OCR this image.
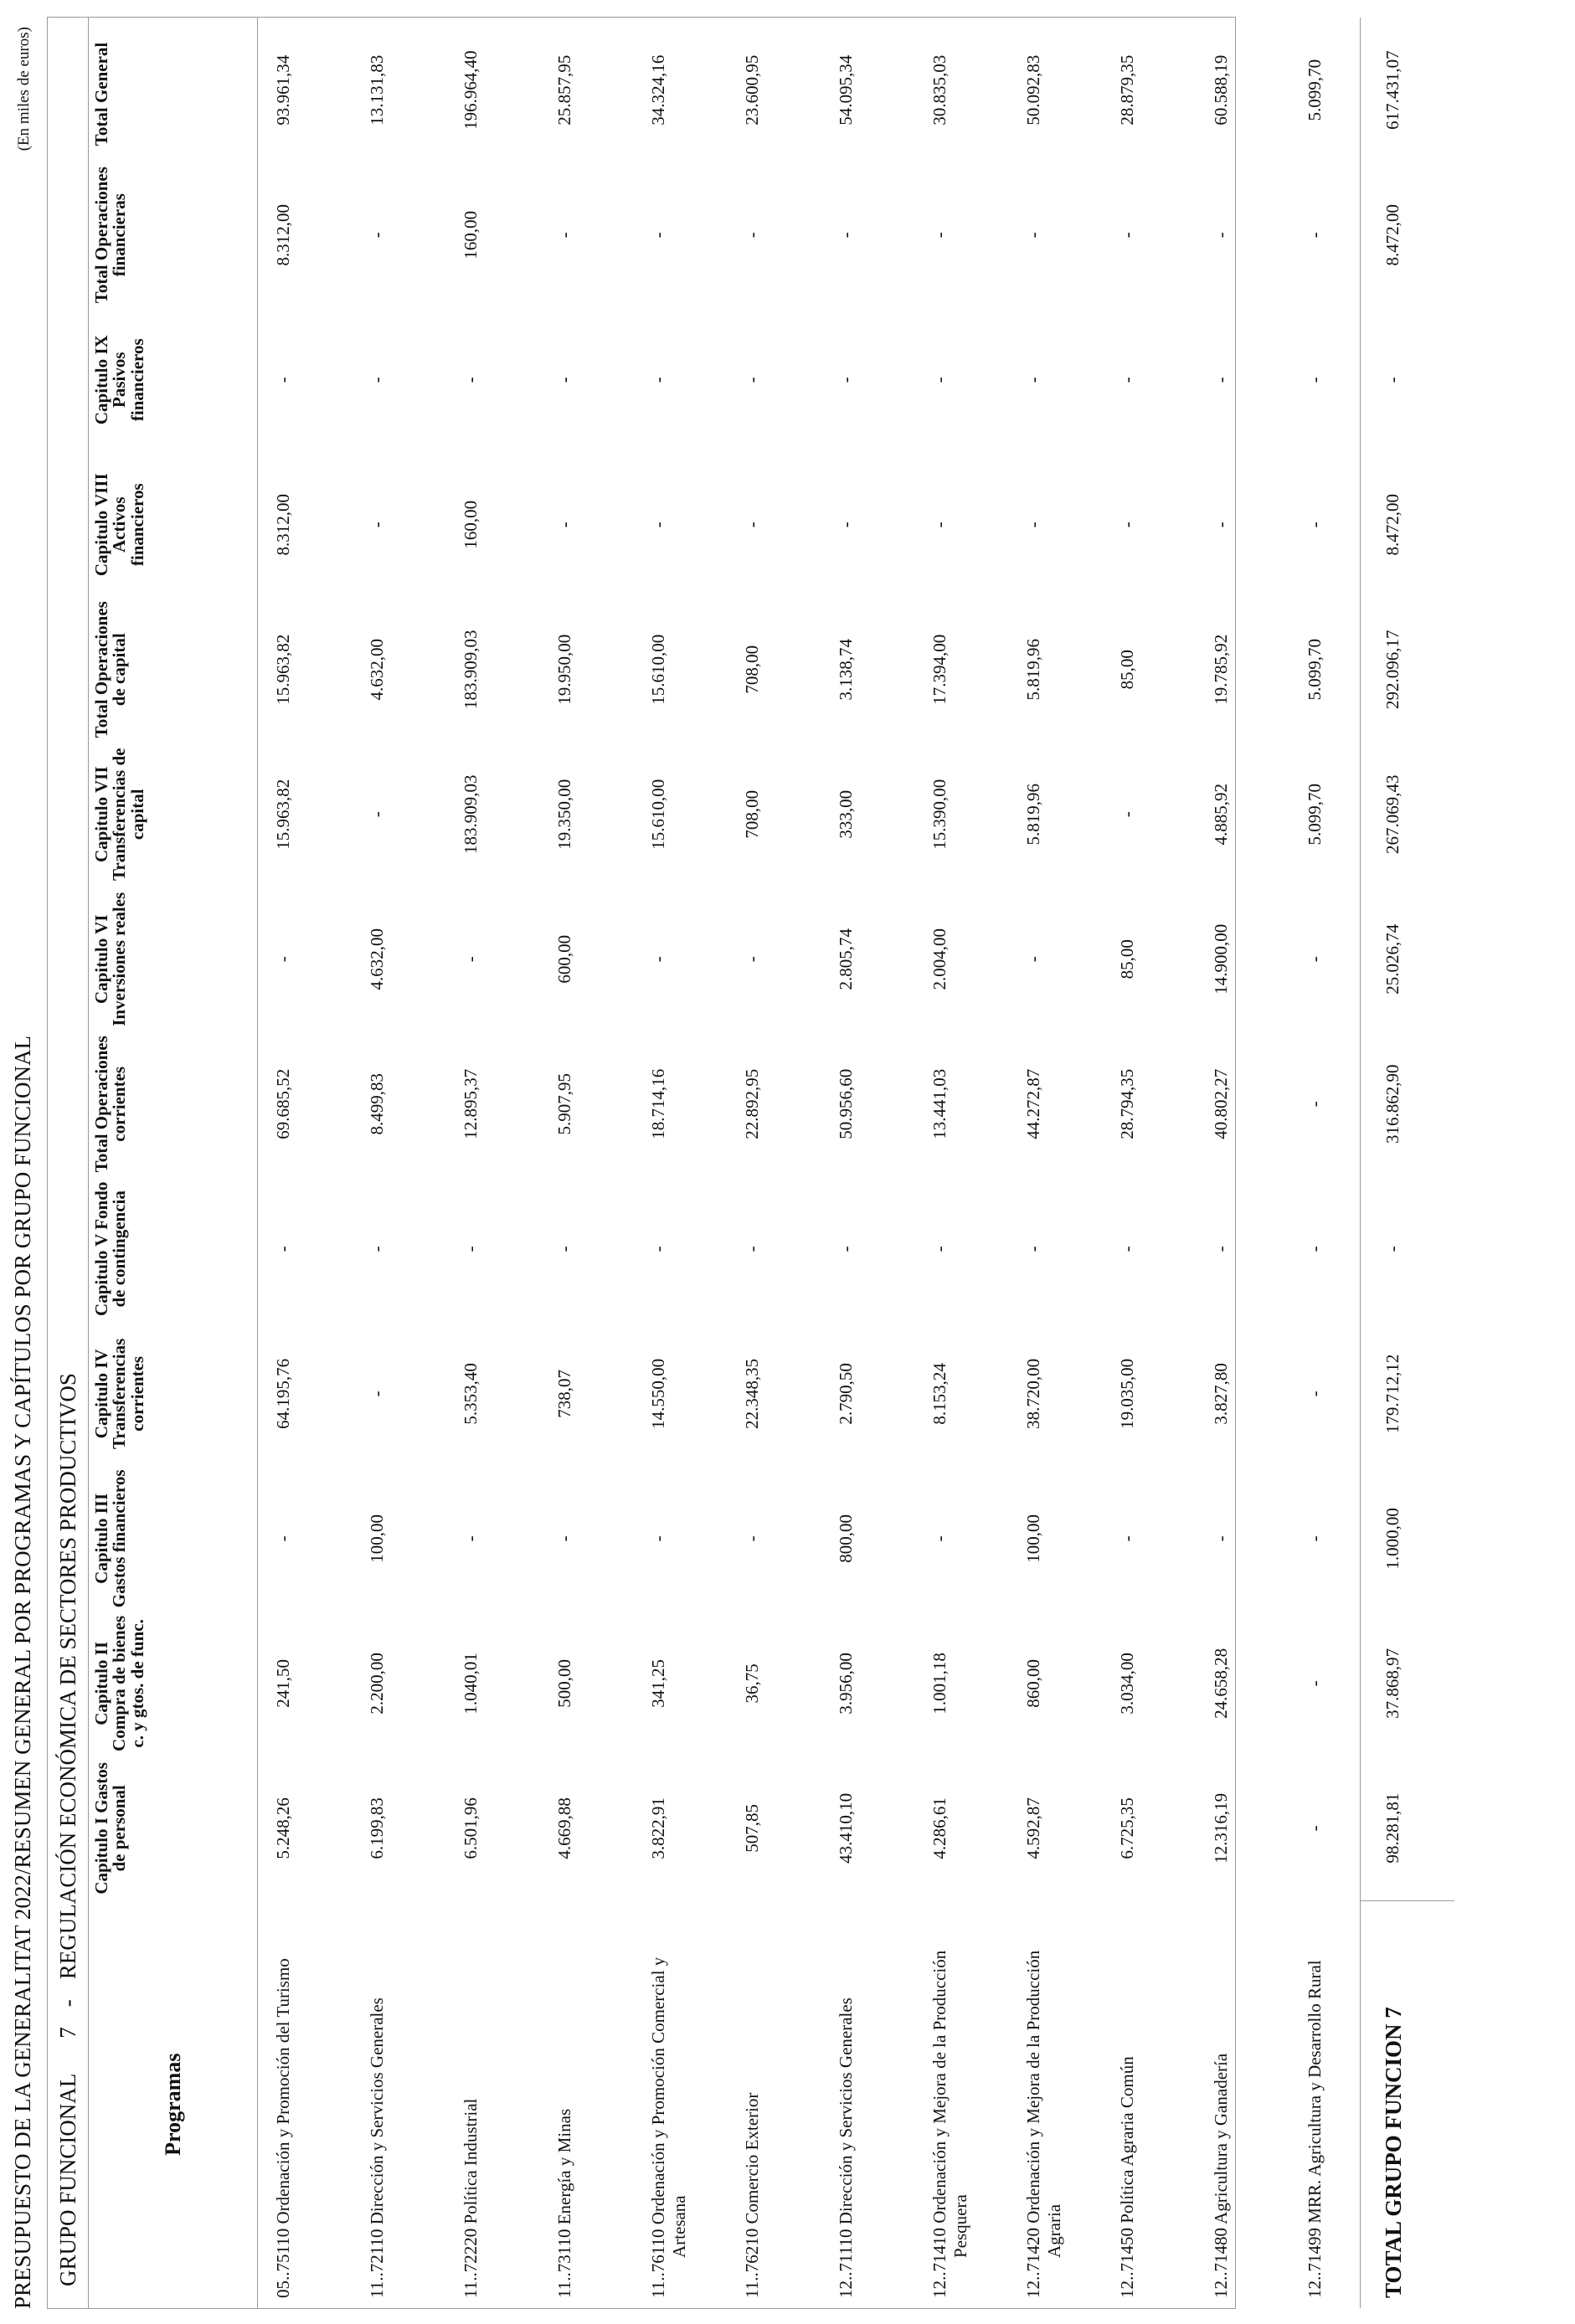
PRESUPUESTO DE LA GENERALITAT 2022/RESUMEN GENERAL POR PROGRAMAS Y CAPÍTULOS POR GRUPO FUNCIONAL
(En miles de euros)
GRUPO FUNCIONAL
7
-
REGULACIÓN ECONÓMICA DE SECTORES PRODUCTIVOS
Programas	Capitulo I Gastos de personal	Capitulo II Compra de bienes c. y gtos. de func.	Capitulo III Gastos financieros	Capitulo IV Transferencias corrientes	Capitulo V Fondo de contingencia	Total Operaciones corrientes	Capitulo VI Inversiones reales	Capitulo VII Transferencias de capital	Total Operaciones de capital	Capitulo VIII Activos financieros	Capitulo IX Pasivos financieros	Total Operaciones financieras	Total General

05..75110 Ordenación y Promoción del Turismo	5.248,26	241,50	-	64.195,76	-	69.685,52	-	15.963,82	15.963,82	8.312,00	-	8.312,00	93.961,34

11..72110 Dirección y Servicios Generales	6.199,83	2.200,00	100,00	-	-	8.499,83	4.632,00	-	4.632,00	-	-	-	13.131,83

11..72220 Política Industrial	6.501,96	1.040,01	-	5.353,40	-	12.895,37	-	183.909,03	183.909,03	160,00	-	160,00	196.964,40

11..73110 Energía y Minas	4.669,88	500,00	-	738,07	-	5.907,95	600,00	19.350,00	19.950,00	-	-	-	25.857,95

11..76110 Ordenación y Promoción Comercial y Artesana	3.822,91	341,25	-	14.550,00	-	18.714,16	-	15.610,00	15.610,00	-	-	-	34.324,16

11..76210 Comercio Exterior	507,85	36,75	-	22.348,35	-	22.892,95	-	708,00	708,00	-	-	-	23.600,95

12..71110 Dirección y Servicios Generales	43.410,10	3.956,00	800,00	2.790,50	-	50.956,60	2.805,74	333,00	3.138,74	-	-	-	54.095,34

12..71410 Ordenación y Mejora de la Producción Pesquera	4.286,61	1.001,18	-	8.153,24	-	13.441,03	2.004,00	15.390,00	17.394,00	-	-	-	30.835,03

12..71420 Ordenación y Mejora de la Producción Agraria	4.592,87	860,00	100,00	38.720,00	-	44.272,87	-	5.819,96	5.819,96	-	-	-	50.092,83

12..71450 Política Agraria Común	6.725,35	3.034,00	-	19.035,00	-	28.794,35	85,00	-	85,00	-	-	-	28.879,35

12..71480 Agricultura y Ganadería	12.316,19	24.658,28	-	3.827,80	-	40.802,27	14.900,00	4.885,92	19.785,92	-	-	-	60.588,19

12..71499 MRR. Agricultura y Desarrollo Rural	-	-	-	-	-	-	-	5.099,70	5.099,70	-	-	-	5.099,70
TOTAL GRUPO FUNCION 7	98.281,81	37.868,97	1.000,00	179.712,12	-	316.862,90	25.026,74	267.069,43	292.096,17	8.472,00	-	8.472,00	617.431,07
